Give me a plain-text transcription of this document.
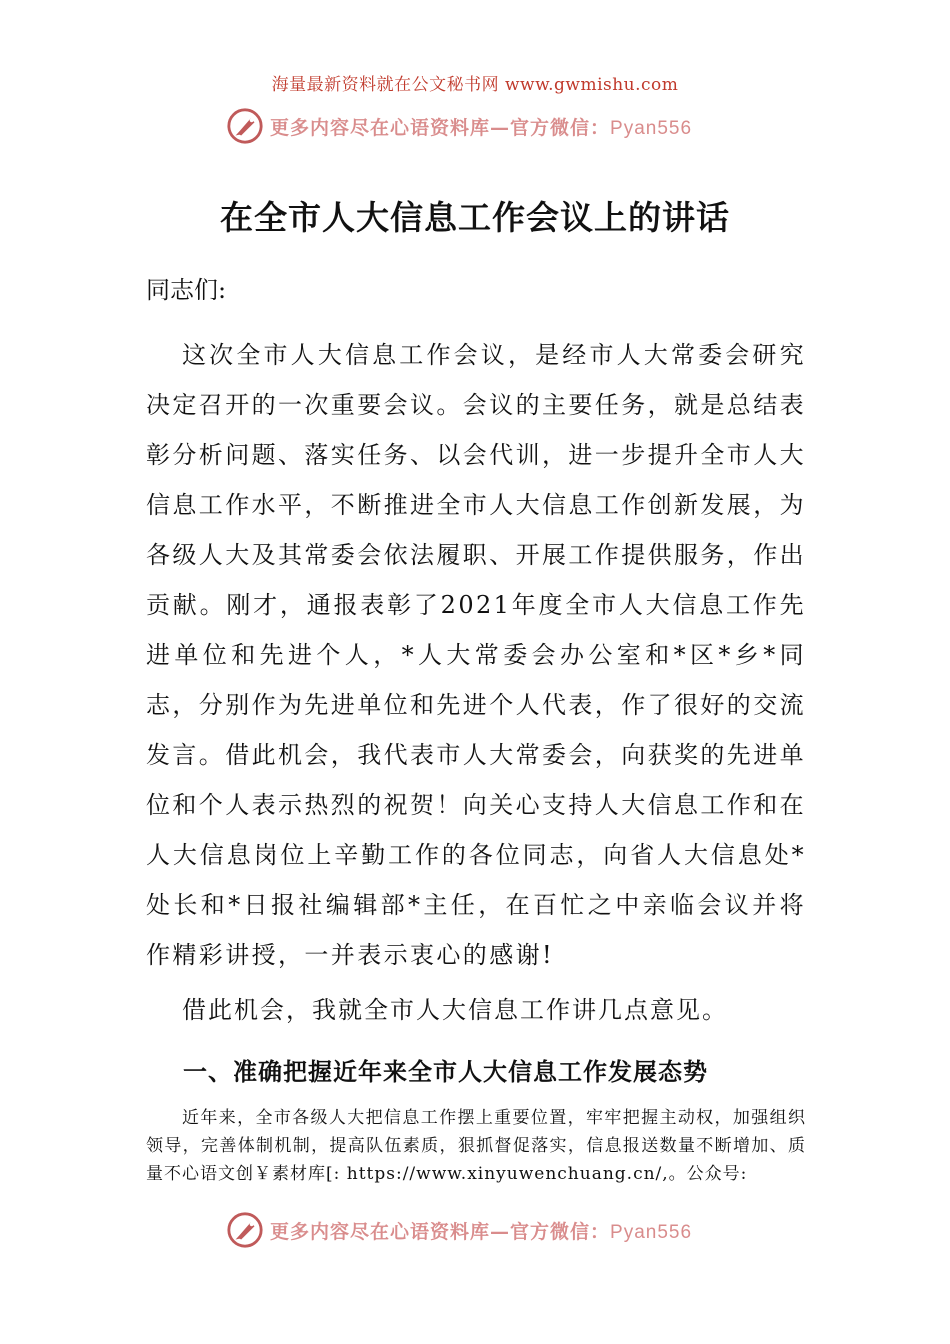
海量最新资料就在公文秘书网 www.gwmishu.com
更多内容尽在心语资料库—官方微信：Pyan556
在全市人大信息工作会议上的讲话
同志们:
这次全市人大信息工作会议，是经市人大常委会研究决定召开的一次重要会议。会议的主要任务，就是总结表彰分析问题、落实任务、以会代训，进一步提升全市人大信息工作水平，不断推进全市人大信息工作创新发展，为各级人大及其常委会依法履职、开展工作提供服务，作出贡献。刚才，通报表彰了2021年度全市人大信息工作先进单位和先进个人，*人大常委会办公室和*区*乡*同志，分别作为先进单位和先进个人代表，作了很好的交流发言。借此机会，我代表市人大常委会，向获奖的先进单位和个人表示热烈的祝贺！向关心支持人大信息工作和在人大信息岗位上辛勤工作的各位同志，向省人大信息处*处长和*日报社编辑部*主任，在百忙之中亲临会议并将作精彩讲授，一并表示衷心的感谢!
借此机会，我就全市人大信息工作讲几点意见。
一、准确把握近年来全市人大信息工作发展态势
近年来，全市各级人大把信息工作摆上重要位置，牢牢把握主动权，加强组织领导，完善体制机制，提高队伍素质，狠抓督促落实，信息报送数量不断增加、质量不心语文创￥素材库[: https://www.xinyuwenchuang.cn/,。公众号:
更多内容尽在心语资料库—官方微信：Pyan556
